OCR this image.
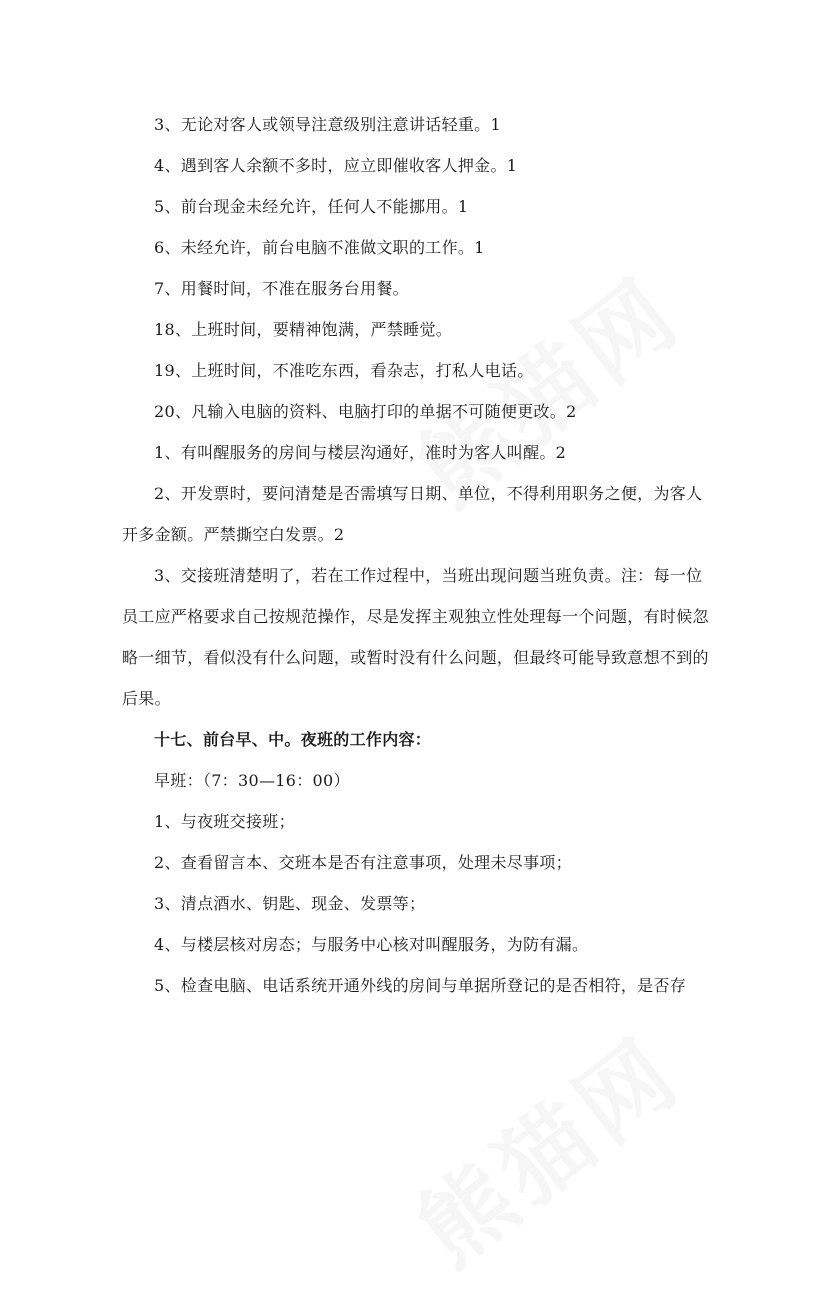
3、无论对客人或领导注意级别注意讲话轻重。1

4、遇到客人余额不多时，应立即催收客人押金。1

5、前台现金未经允许，任何人不能挪用。1

6、未经允许，前台电脑不准做文职的工作。1

7、用餐时间，不准在服务台用餐。

18、上班时间，要精神饱满，严禁睡觉。

19、上班时间，不准吃东西，看杂志，打私人电话。

20、凡输入电脑的资料、电脑打印的单据不可随便更改。2

1、有叫醒服务的房间与楼层沟通好，准时为客人叫醒。2

2、开发票时，要问清楚是否需填写日期、单位，不得利用职务之便，为客人开多金额。严禁撕空白发票。2

3、交接班清楚明了，若在工作过程中，当班出现问题当班负责。注：每一位员工应严格要求自己按规范操作，尽是发挥主观独立性处理每一个问题，有时候忽略一细节，看似没有什么问题，或暂时没有什么问题，但最终可能导致意想不到的后果。

十七、前台早、中。夜班的工作内容：

早班：（7：30—16：00）

1、与夜班交接班；

2、查看留言本、交班本是否有注意事项，处理未尽事项；

3、清点酒水、钥匙、现金、发票等；

4、与楼层核对房态；与服务中心核对叫醒服务，为防有漏。

5、检查电脑、电话系统开通外线的房间与单据所登记的是否相符，是否存
